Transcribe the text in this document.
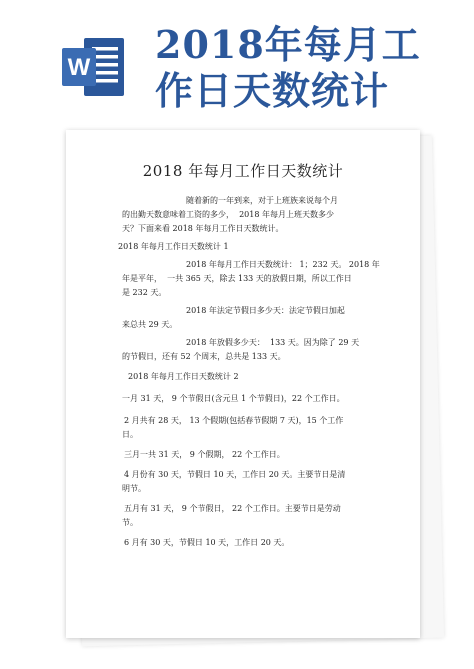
W
2018年每月工
作日天数统计
2018 年每月工作日天数统计
随着新的一年到来，对于上班族来说每个月
的出勤天数意味着工资的多少，  2018 年每月上班天数多少
天？下面来看 2018 年每月工作日天数统计。
2018 年每月工作日天数统计 1
2018 年每月工作日天数统计： 1；232 天。 2018 年
年是平年，  一共 365 天，除去 133 天的放假日期，所以工作日
是 232 天。
2018 年法定节假日多少天：法定节假日加起
来总共 29 天。
2018 年放假多少天：  133 天。因为除了 29 天
的节假日，还有 52 个周末，总共是 133 天。
2018 年每月工作日天数统计 2
一月 31 天， 9 个节假日(含元旦 1 个节假日)，22 个工作日。
2 月共有 28 天， 13 个假期(包括春节假期 7 天)，15 个工作
日。
三月一共 31 天， 9 个假期， 22 个工作日。
4 月份有 30 天，节假日 10 天，工作日 20 天。主要节日是清
明节。
五月有 31 天， 9 个节假日， 22 个工作日。主要节日是劳动
节。
6 月有 30 天，节假日 10 天，工作日 20 天。
